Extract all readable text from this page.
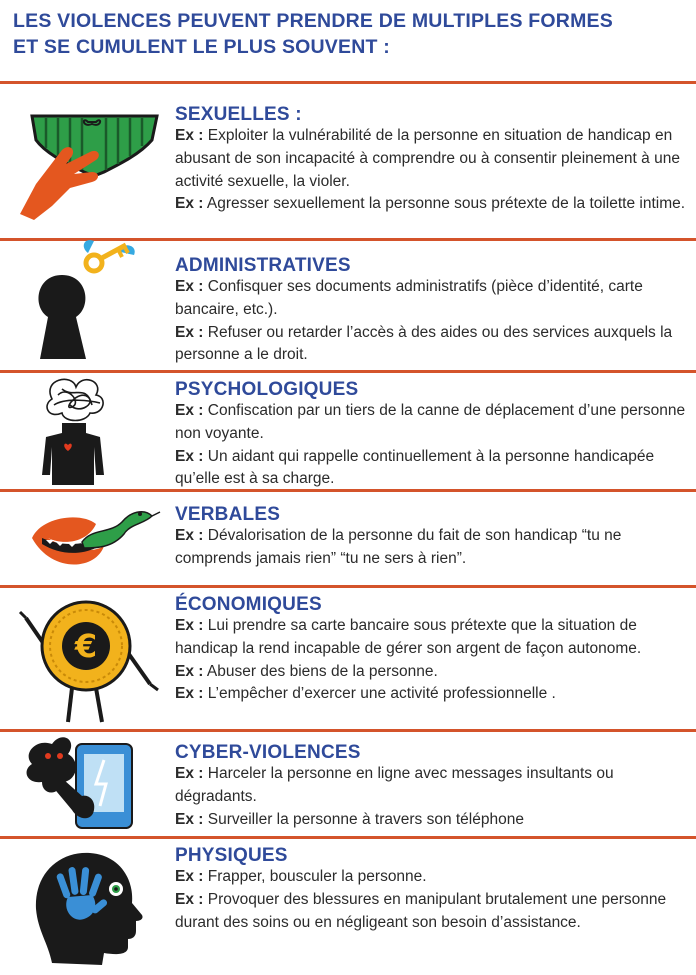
LES VIOLENCES PEUVENT PRENDRE DE MULTIPLES FORMES
ET SE CUMULENT LE PLUS SOUVENT :
SEXUELLES :

Ex : Exploiter la vulnérabilité de la personne en situation de handicap en abusant de son incapacité à comprendre ou à consentir pleinement à une activité sexuelle, la violer.

Ex : Agresser sexuellement la personne sous prétexte de la toilette intime.

ADMINISTRATIVES

Ex : Confisquer ses documents administratifs (pièce d’identité, carte bancaire, etc.).

Ex : Refuser ou retarder l’accès à des aides ou des services auxquels la personne a le droit.

PSYCHOLOGIQUES

Ex : Confiscation par un tiers de la canne de déplacement d’une personne non voyante.

Ex : Un aidant qui rappelle continuellement à la personne handicapée qu’elle est à sa charge.

VERBALES

Ex : Dévalorisation de la personne du fait de son handicap “tu ne comprends jamais rien” “tu ne sers à rien”.

€
ÉCONOMIQUES

Ex : Lui prendre sa carte bancaire sous prétexte que la situation de handicap la rend incapable de gérer son argent de façon autonome.

Ex : Abuser des biens de la personne.

Ex : L’empêcher d’exercer une activité professionnelle .

CYBER-VIOLENCES

Ex : Harceler la personne en ligne avec messages insultants ou dégradants.

Ex : Surveiller la personne à travers son téléphone

PHYSIQUES

Ex : Frapper, bousculer la personne.

Ex : Provoquer des blessures en manipulant brutalement une personne durant des soins ou en négligeant son besoin d’assistance.
